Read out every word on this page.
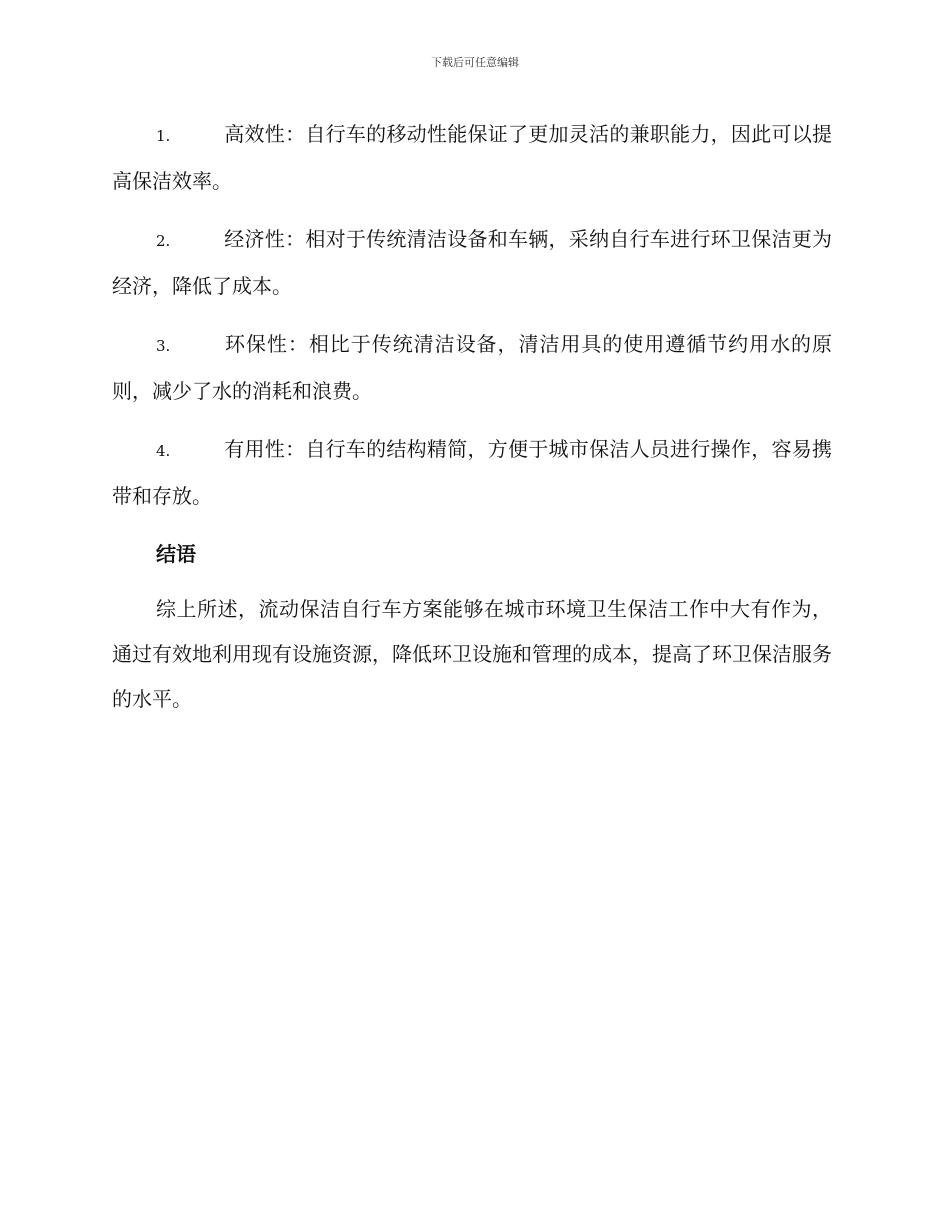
下载后可任意编辑

1.	高效性：自行车的移动性能保证了更加灵活的兼职能力，因此可以提高保洁效率。

2.	经济性：相对于传统清洁设备和车辆，采纳自行车进行环卫保洁更为经济，降低了成本。

3.	环保性：相比于传统清洁设备，清洁用具的使用遵循节约用水的原则，减少了水的消耗和浪费。

4.	有用性：自行车的结构精简，方便于城市保洁人员进行操作，容易携带和存放。

结语

综上所述，流动保洁自行车方案能够在城市环境卫生保洁工作中大有作为，通过有效地利用现有设施资源，降低环卫设施和管理的成本，提高了环卫保洁服务的水平。
